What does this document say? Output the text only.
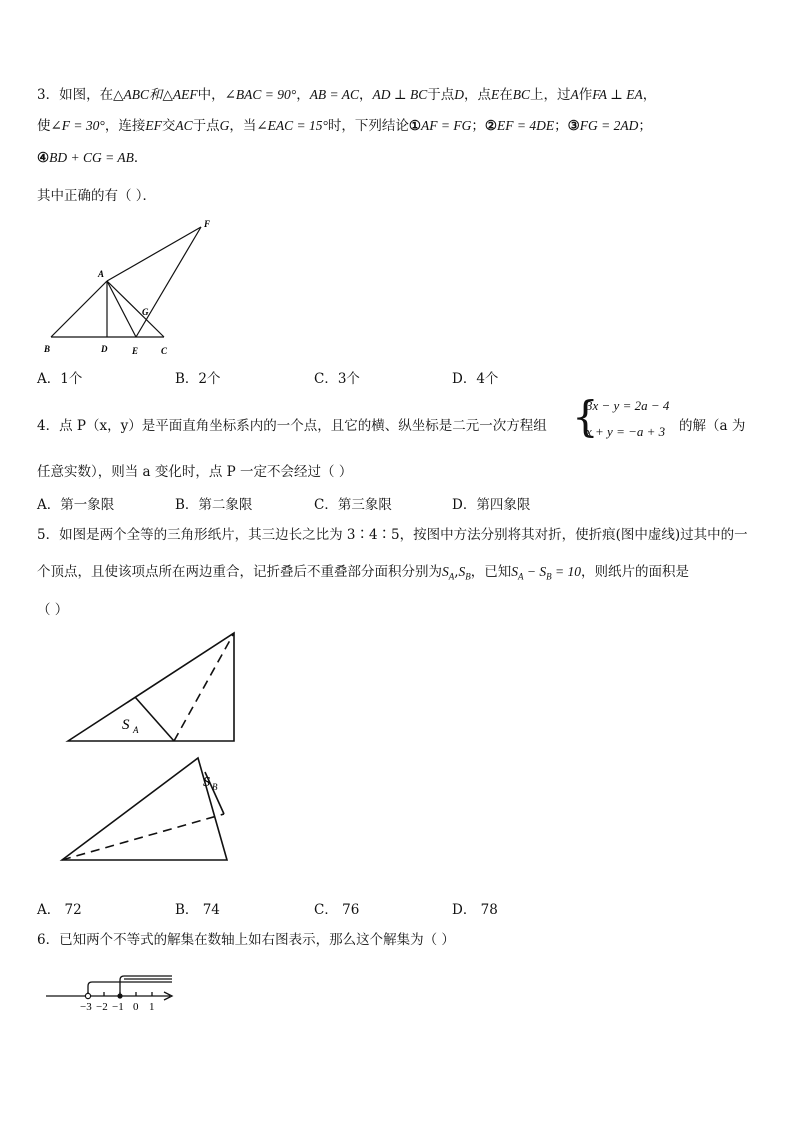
3．如图，在△ABC和△AEF中，∠BAC = 90°，AB = AC，AD ⊥ BC于点D，点E在BC上，过A作FA ⊥ EA，
使∠F = 30°，连接EF交AC于点G，当∠EAC = 15°时，下列结论①AF = FG；②EF = 4DE；③FG = 2AD；
④BD + CG = AB．
其中正确的有（ ）．
F
A
G
B	D	E	C
A．1个	B．2个	C．3个	D．4个
4．点 P（x，y）是平面直角坐标系内的一个点，且它的横、纵坐标是二元一次方程组 {
3x − y = 2a − 4
x + y = −a + 3 的解（a 为
任意实数），则当 a 变化时，点 P 一定不会经过（ ）
A．第一象限	B．第二象限	C．第三象限	D．第四象限
5．如图是两个全等的三角形纸片，其三边长之比为 3∶4∶5，按图中方法分别将其对折，使折痕(图中虚线)过其中的一
个顶点，且使该项点所在两边重合，记折叠后不重叠部分面积分别为$S_A,S_B$，已知$S_A - S_B = 10$，则纸片的面积是
（ ）
S A
S B
A． 72	B． 74	C． 76	D． 78
6．已知两个不等式的解集在数轴上如右图表示，那么这个解集为（ ）
−3 −2 −1 0 1
